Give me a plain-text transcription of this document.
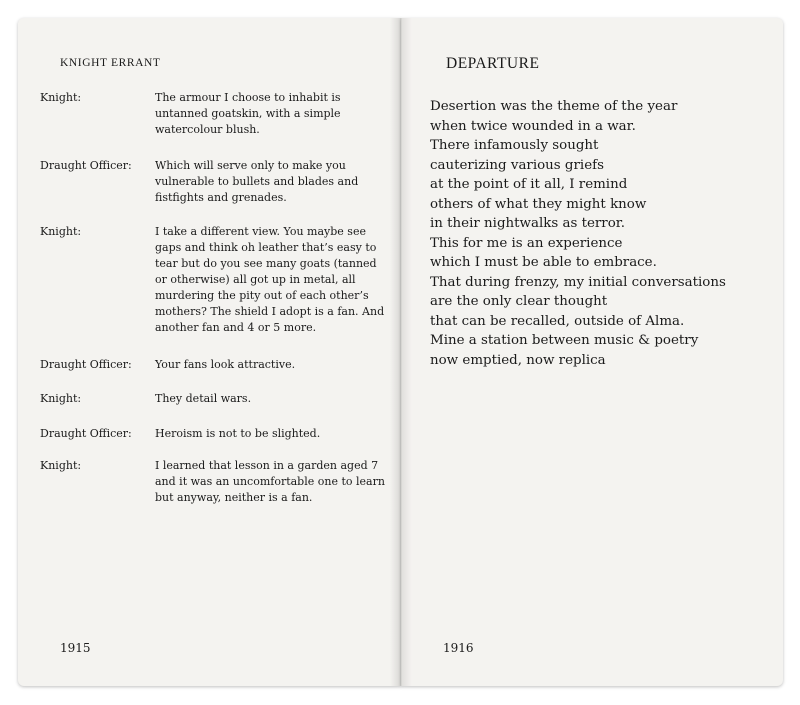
KNIGHT ERRANT
Knight:	The armour I choose to inhabit is untanned goatskin, with a simple watercolour blush.
Draught Officer:	Which will serve only to make you vulnerable to bullets and blades and fistfights and grenades.
Knight:	I take a different view. You maybe see gaps and think oh leather that’s easy to tear but do you see many goats (tanned or otherwise) all got up in metal, all murdering the pity out of each other’s mothers? The shield I adopt is a fan. And another fan and 4 or 5 more.
Draught Officer:	Your fans look attractive.
Knight:	They detail wars.
Draught Officer:	Heroism is not to be slighted.
Knight:	I learned that lesson in a garden aged 7 and it was an uncomfortable one to learn but anyway, neither is a fan.
DEPARTURE
Desertion was the theme of the year
when twice wounded in a war.
There infamously sought
cauterizing various griefs
at the point of it all, I remind
others of what they might know
in their nightwalks as terror.
This for me is an experience
which I must be able to embrace.
That during frenzy, my initial conversations
are the only clear thought
that can be recalled, outside of Alma.
Mine a station between music & poetry
now emptied, now replica
1915	1916
